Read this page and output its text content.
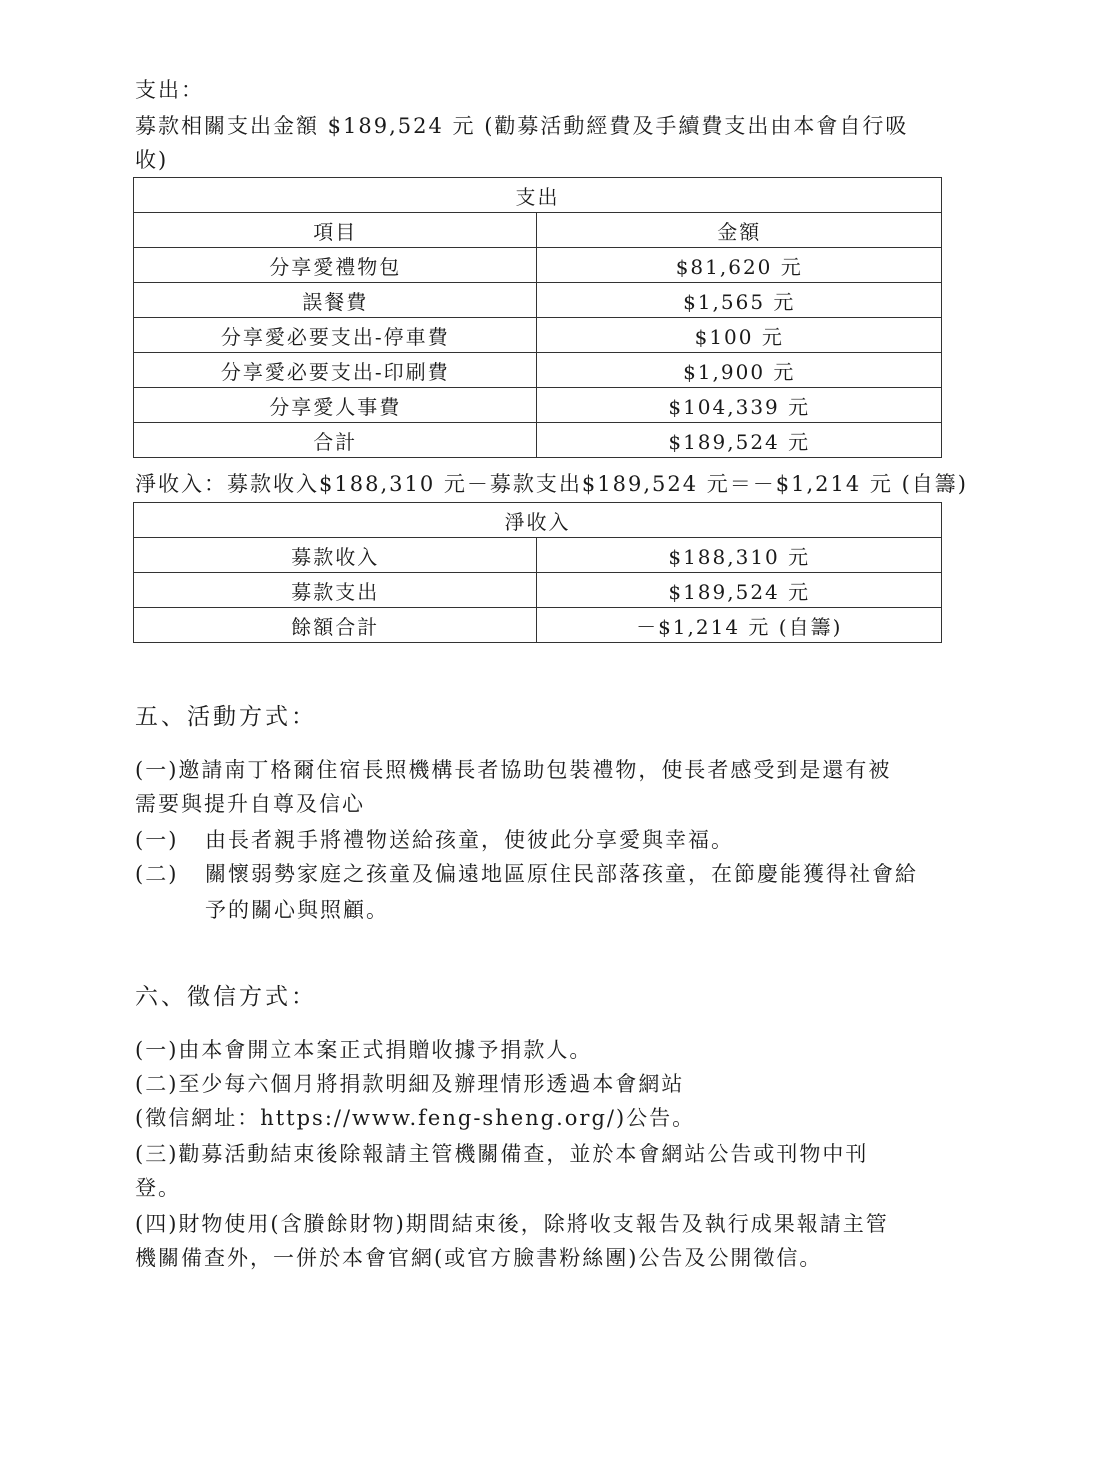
支出：
募款相關支出金額 $189,524 元 (勸募活動經費及手續費支出由本會自行吸
收)
支出	
項目	金額
分享愛禮物包	$81,620 元
誤餐費	$1,565 元
分享愛必要支出-停車費	$100 元
分享愛必要支出-印刷費	$1,900 元
分享愛人事費	$104,339 元
合計	$189,524 元
淨收入：募款收入$188,310 元－募款支出$189,524 元＝－$1,214 元 (自籌)
淨收入	
募款收入	$188,310 元
募款支出	$189,524 元
餘額合計	－$1,214 元 (自籌)
五、活動方式：
(一)邀請南丁格爾住宿長照機構長者協助包裝禮物，使長者感受到是還有被
需要與提升自尊及信心
(一) 由長者親手將禮物送給孩童，使彼此分享愛與幸福。
(二) 關懷弱勢家庭之孩童及偏遠地區原住民部落孩童，在節慶能獲得社會給
予的關心與照顧。
六、徵信方式：
(一)由本會開立本案正式捐贈收據予捐款人。
(二)至少每六個月將捐款明細及辦理情形透過本會網站
(徵信網址：https://www.feng-sheng.org/)公告。
(三)勸募活動結束後除報請主管機關備查，並於本會網站公告或刊物中刊
登。
(四)財物使用(含賸餘財物)期間結束後，除將收支報告及執行成果報請主管
機關備查外，一併於本會官網(或官方臉書粉絲團)公告及公開徵信。
